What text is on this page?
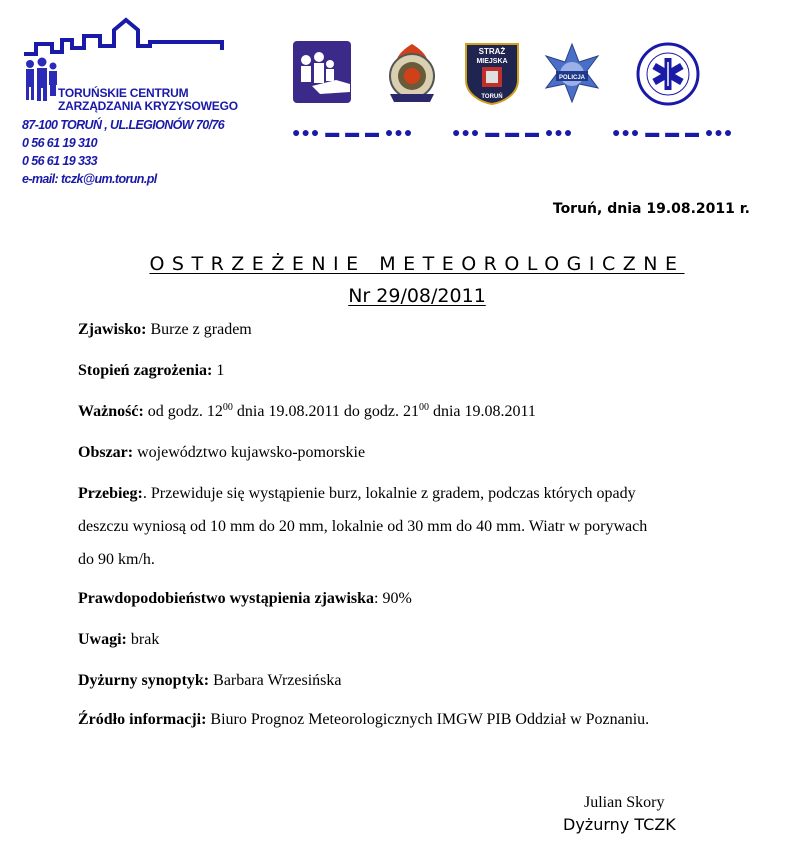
TORUŃSKIE CENTRUM
ZARZĄDZANIA KRYZYSOWEGO
87-100 TORUŃ , UL.LEGIONÓW 70/76
0 56 61 19 310
0 56 61 19 333
e-mail: tczk@um.torun.pl
STRAŻ
MIEJSKA
TORUŃ
POLICJA
●●● ▬ ▬ ▬ ●●●	●●● ▬ ▬ ▬ ●●●	●●● ▬ ▬ ▬ ●●●
Toruń, dnia 19.08.2011 r.
OSTRZEŻENIE METEOROLOGICZNE
Nr 29/08/2011
Zjawisko: Burze z gradem
Stopień zagrożenia: 1
Ważność: od godz. $12^{00}$ dnia 19.08.2011 do godz. $21^{00}$ dnia 19.08.2011
Obszar: województwo kujawsko-pomorskie
Przebieg:. Przewiduje się wystąpienie burz, lokalnie z gradem, podczas których opady
deszczu wyniosą od 10 mm do 20 mm, lokalnie od 30 mm do 40 mm. Wiatr w porywach
do 90 km/h.
Prawdopodobieństwo wystąpienia zjawiska: 90%
Uwagi: brak
Dyżurny synoptyk: Barbara Wrzesińska
Źródło informacji: Biuro Prognoz Meteorologicznych IMGW PIB Oddział w Poznaniu.
Julian Skory
Dyżurny TCZK
